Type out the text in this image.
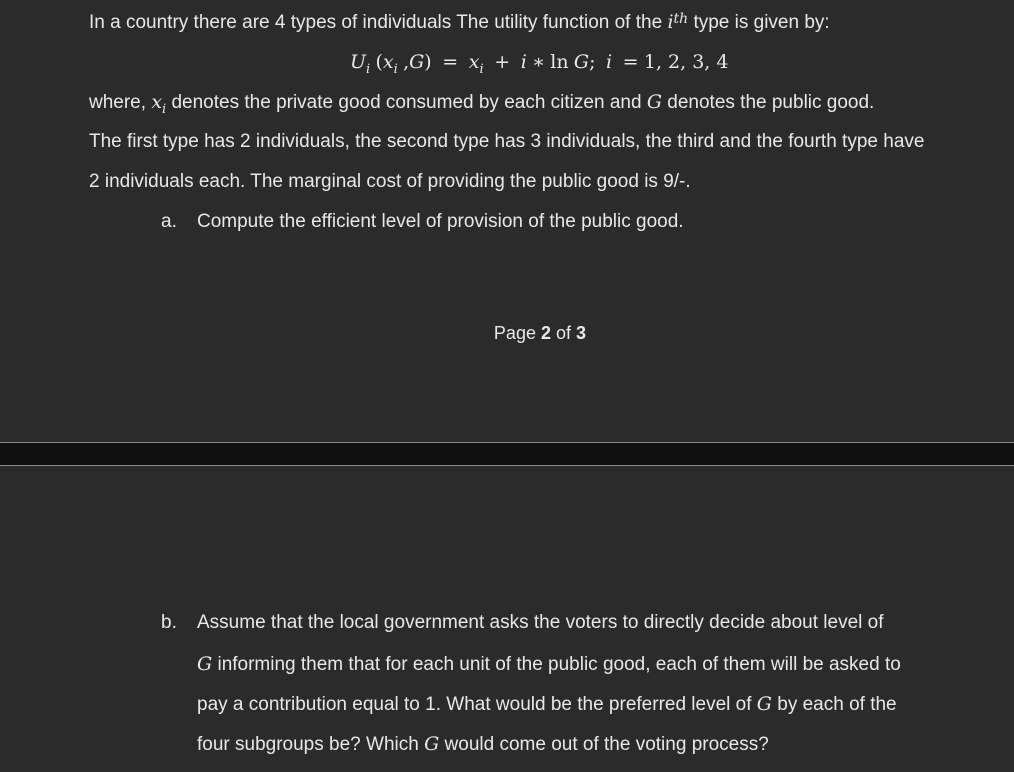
In a country there are 4 types of individuals The utility function of the $i^{th}$ type is given by:
$U_i$ ($x_i$ $,G) = x_i + i$ ∗ ln G; i = 1, 2, 3, 4
where, $x_i$ denotes the private good consumed by each citizen and G denotes the public good.
The first type has 2 individuals, the second type has 3 individuals, the third and the fourth type have
2 individuals each. The marginal cost of providing the public good is 9/-.
a. Compute the efficient level of provision of the public good.
Page 2 of 3
b. Assume that the local government asks the voters to directly decide about level of
G informing them that for each unit of the public good, each of them will be asked to
pay a contribution equal to 1. What would be the preferred level of G by each of the
four subgroups be? Which G would come out of the voting process?
